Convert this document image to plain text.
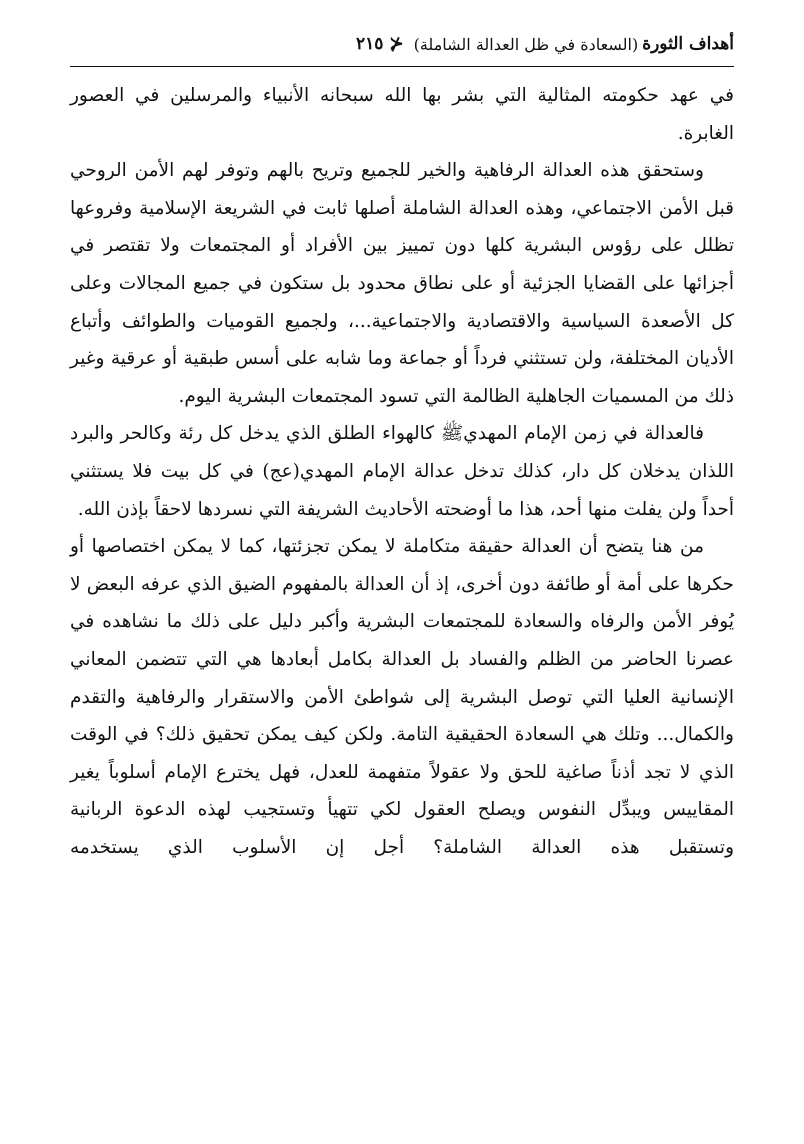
أهداف الثورة
(السعادة في ظل العدالة الشاملة)
⊀ ٢١٥

في عهد حكومته المثالية التي بشر بها الله سبحانه الأنبياء والمرسلين في العصور الغابرة.

وستحقق هذه العدالة الرفاهية والخير للجميع وتريح بالهم وتوفر لهم الأمن الروحي قبل الأمن الاجتماعي، وهذه العدالة الشاملة أصلها ثابت في الشريعة الإسلامية وفروعها تظلل على رؤوس البشرية كلها دون تمييز بين الأفراد أو المجتمعات ولا تقتصر في أجزائها على القضايا الجزئية أو على نطاق محدود بل ستكون في جميع المجالات وعلى كل الأصعدة السياسية والاقتصادية والاجتماعية...، ولجميع القوميات والطوائف وأتباع الأديان المختلفة، ولن تستثني فرداً أو جماعة وما شابه على أسس طبقية أو عرقية وغير ذلك من المسميات الجاهلية الظالمة التي تسود المجتمعات البشرية اليوم.

فالعدالة في زمن الإمام المهدي‌ﷺ كالهواء الطلق الذي يدخل كل رئة وكالحر والبرد اللذان يدخلان كل دار، كذلك تدخل عدالة الإمام المهدي(عج) في كل بيت فلا يستثني أحداً ولن يفلت منها أحد، هذا ما أوضحته الأحاديث الشريفة التي نسردها لاحقاً بإذن الله.

من هنا يتضح أن العدالة حقيقة متكاملة لا يمكن تجزئتها، كما لا يمكن اختصاصها أو حكرها على أمة أو طائفة دون أخرى، إذ أن العدالة بالمفهوم الضيق الذي عرفه البعض لا يُوفر الأمن والرفاه والسعادة للمجتمعات البشرية وأكبر دليل على ذلك ما نشاهده في عصرنا الحاضر من الظلم والفساد بل العدالة بكامل أبعادها هي التي تتضمن المعاني الإنسانية العليا التي توصل البشرية إلى شواطئ الأمن والاستقرار والرفاهية والتقدم والكمال... وتلك هي السعادة الحقيقية التامة. ولكن كيف يمكن تحقيق ذلك؟ في الوقت الذي لا تجد أذناً صاغية للحق ولا عقولاً متفهمة للعدل، فهل يخترع الإمام أسلوباً يغير المقاييس ويبدِّل النفوس ويصلح العقول لكي تتهيأ وتستجيب لهذه الدعوة الربانية وتستقبل هذه العدالة الشاملة؟ أجل إن الأسلوب الذي يستخدمه
